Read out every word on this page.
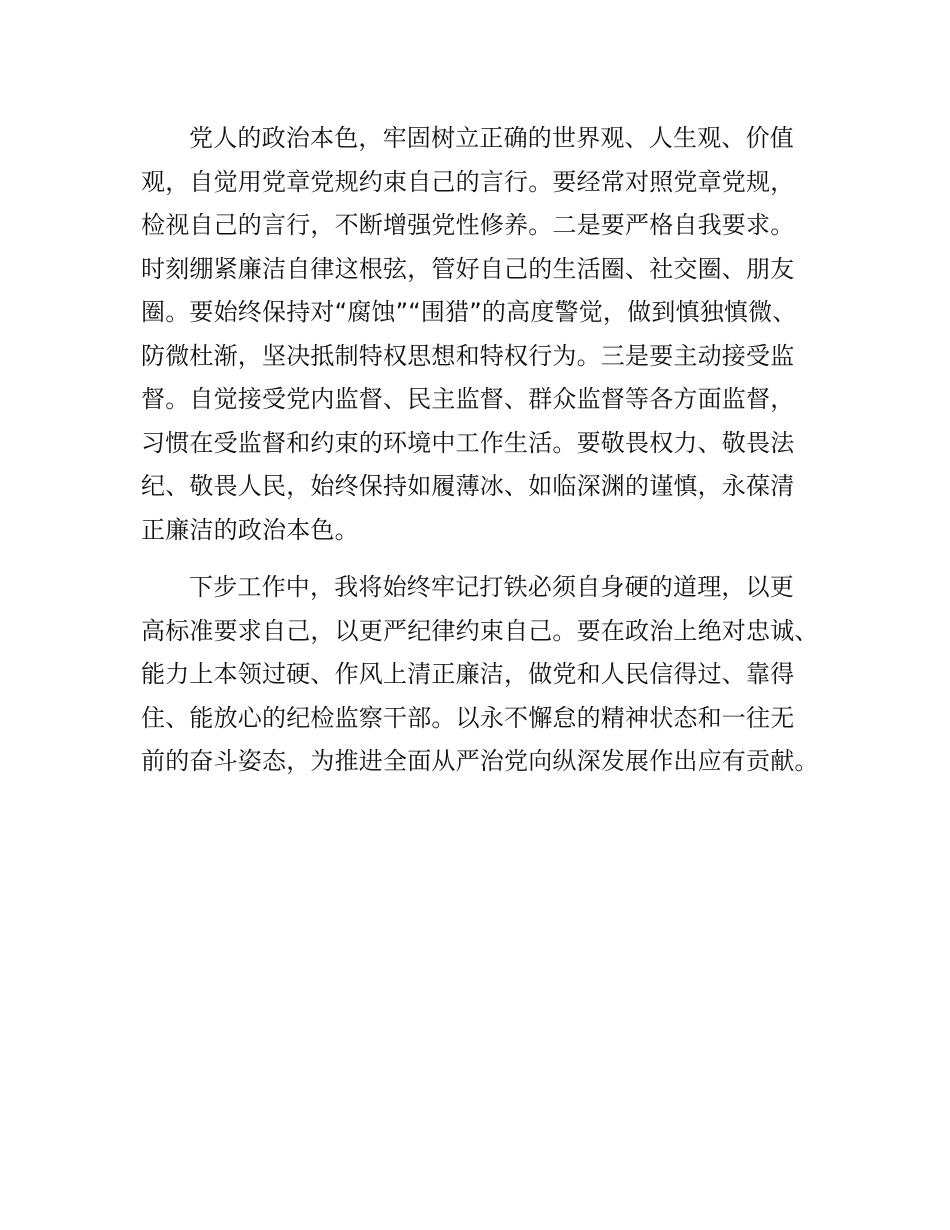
党人的政治本色，牢固树立正确的世界观、人生观、价值
观，自觉用党章党规约束自己的言行。要经常对照党章党规，
检视自己的言行，不断增强党性修养。二是要严格自我要求。
时刻绷紧廉洁自律这根弦，管好自己的生活圈、社交圈、朋友
圈。要始终保持对“腐蚀”“围猎”的高度警觉，做到慎独慎微、
防微杜渐，坚决抵制特权思想和特权行为。三是要主动接受监
督。自觉接受党内监督、民主监督、群众监督等各方面监督，
习惯在受监督和约束的环境中工作生活。要敬畏权力、敬畏法
纪、敬畏人民，始终保持如履薄冰、如临深渊的谨慎，永葆清
正廉洁的政治本色。

下步工作中，我将始终牢记打铁必须自身硬的道理，以更
高标准要求自己，以更严纪律约束自己。要在政治上绝对忠诚、
能力上本领过硬、作风上清正廉洁，做党和人民信得过、靠得
住、能放心的纪检监察干部。以永不懈怠的精神状态和一往无
前的奋斗姿态，为推进全面从严治党向纵深发展作出应有贡献。
